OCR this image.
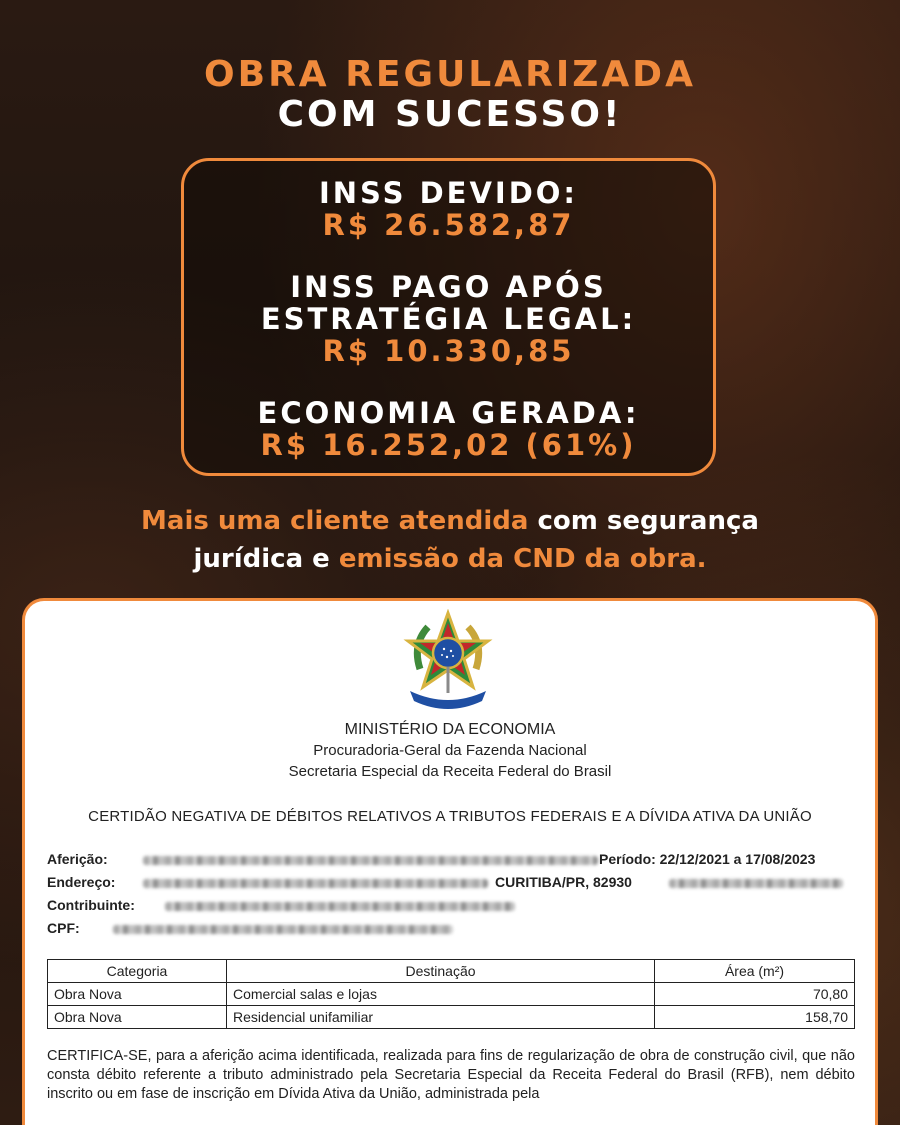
OBRA REGULARIZADA
COM SUCESSO!
INSS DEVIDO:
R$ 26.582,87
INSS PAGO APÓS
ESTRATÉGIA LEGAL:
R$ 10.330,85
ECONOMIA GERADA:
R$ 16.252,02 (61%)
Mais uma cliente atendida com segurança
jurídica e emissão da CND da obra.
MINISTÉRIO DA ECONOMIA
Procuradoria-Geral da Fazenda Nacional
Secretaria Especial da Receita Federal do Brasil
CERTIDÃO NEGATIVA DE DÉBITOS RELATIVOS A TRIBUTOS FEDERAIS E A DÍVIDA ATIVA DA UNIÃO
Aferição:	Período: 22/12/2021 a 17/08/2023
Endereço:	CURITIBA/PR, 82930
Contribuinte:
CPF:
Categoria	Destinação	Área (m²)
Obra Nova	Comercial salas e lojas	70,80
Obra Nova	Residencial unifamiliar	158,70
CERTIFICA-SE, para a aferição acima identificada, realizada para fins de regularização de obra de construção civil, que não consta débito referente a tributo administrado pela Secretaria Especial da Receita Federal do Brasil (RFB), nem débito inscrito ou em fase de inscrição em Dívida Ativa da União, administrada pela
